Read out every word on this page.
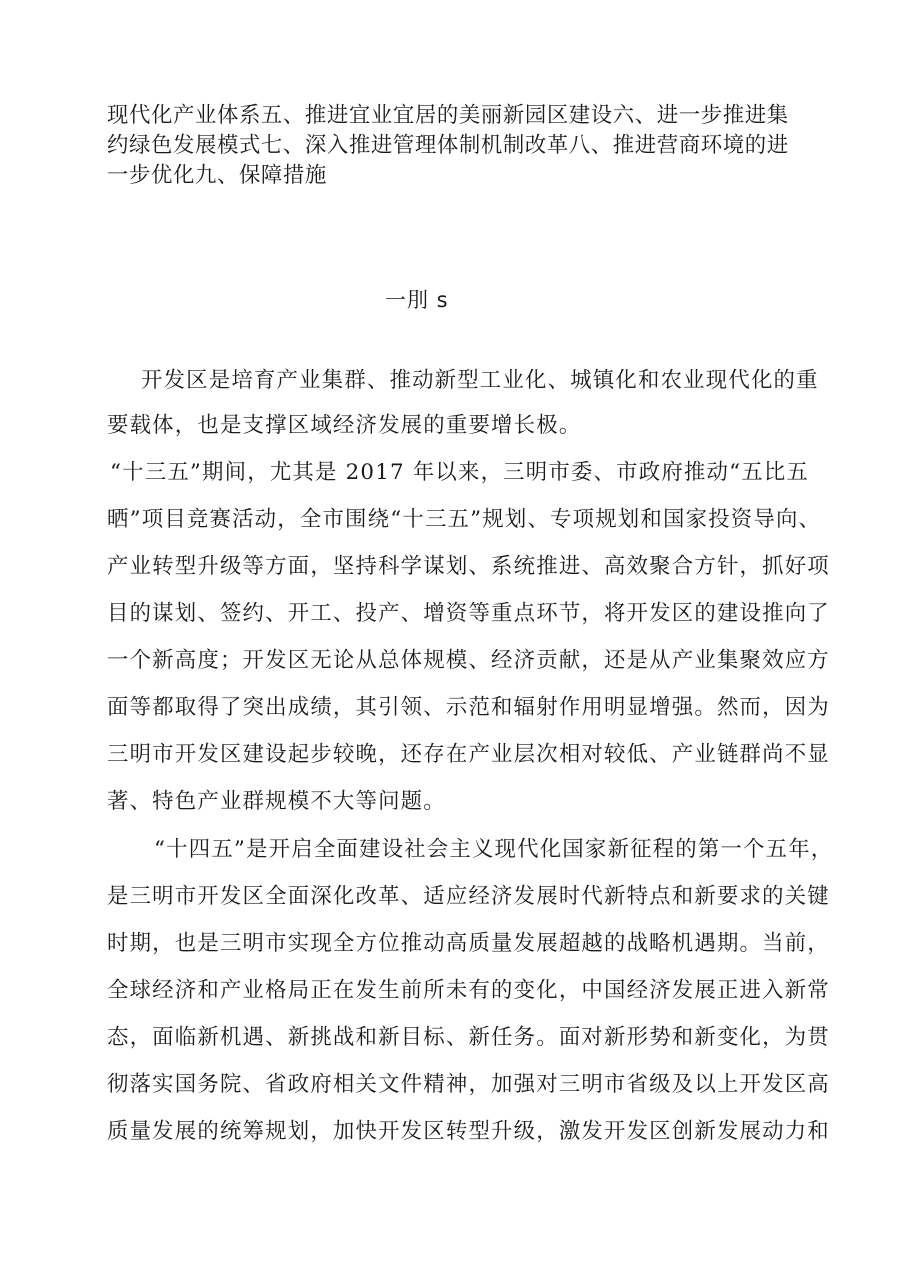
现代化产业体系五、推进宜业宜居的美丽新园区建设六、进一步推进集

约绿色发展模式七、深入推进管理体制机制改革八、推进营商环境的进

一步优化九、保障措施

一刖 s

开发区是培育产业集群、推动新型工业化、城镇化和农业现代化的重

要载体，也是支撑区域经济发展的重要增长极。

“十三五”期间，尤其是 2017 年以来，三明市委、市政府推动“五比五

晒”项目竞赛活动，全市围绕“十三五”规划、专项规划和国家投资导向、

产业转型升级等方面，坚持科学谋划、系统推进、高效聚合方针，抓好项

目的谋划、签约、开工、投产、增资等重点环节，将开发区的建设推向了

一个新高度；开发区无论从总体规模、经济贡献，还是从产业集聚效应方

面等都取得了突出成绩，其引领、示范和辐射作用明显增强。然而，因为

三明市开发区建设起步较晚，还存在产业层次相对较低、产业链群尚不显

著、特色产业群规模不大等问题。

“十四五”是开启全面建设社会主义现代化国家新征程的第一个五年，

是三明市开发区全面深化改革、适应经济发展时代新特点和新要求的关键

时期，也是三明市实现全方位推动高质量发展超越的战略机遇期。当前，

全球经济和产业格局正在发生前所未有的变化，中国经济发展正进入新常

态，面临新机遇、新挑战和新目标、新任务。面对新形势和新变化，为贯

彻落实国务院、省政府相关文件精神，加强对三明市省级及以上开发区高

质量发展的统筹规划，加快开发区转型升级，激发开发区创新发展动力和
